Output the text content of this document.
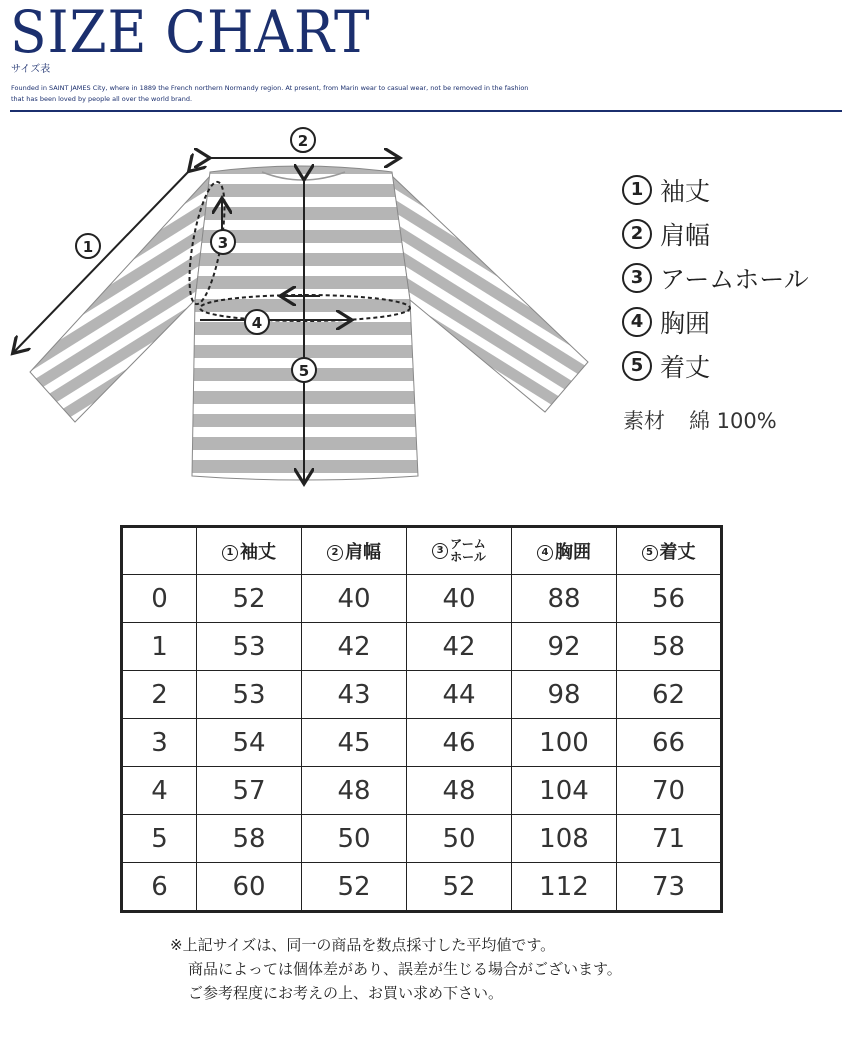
SIZE CHART
サイズ表
Founded in SAINT JAMES City, where in 1889 the French northern Normandy region. At present, from Marin wear to casual wear, not be removed in the fashion that has been loved by people all over the world brand.
1
2
3
4
5
1 袖丈
2 肩幅
3 アームホール
4 胸囲
5 着丈
素材 綿 100%
	1 袖丈	2 肩幅	3 アーム
ホール	4 胸囲	5 着丈
0	52	40	40	88	56
1	53	42	42	92	58
2	53	43	44	98	62
3	54	45	46	100	66
4	57	48	48	104	70
5	58	50	50	108	71
6	60	52	52	112	73
※上記サイズは、同一の商品を数点採寸した平均値です。
商品によっては個体差があり、誤差が生じる場合がございます。
ご参考程度にお考えの上、お買い求め下さい。
